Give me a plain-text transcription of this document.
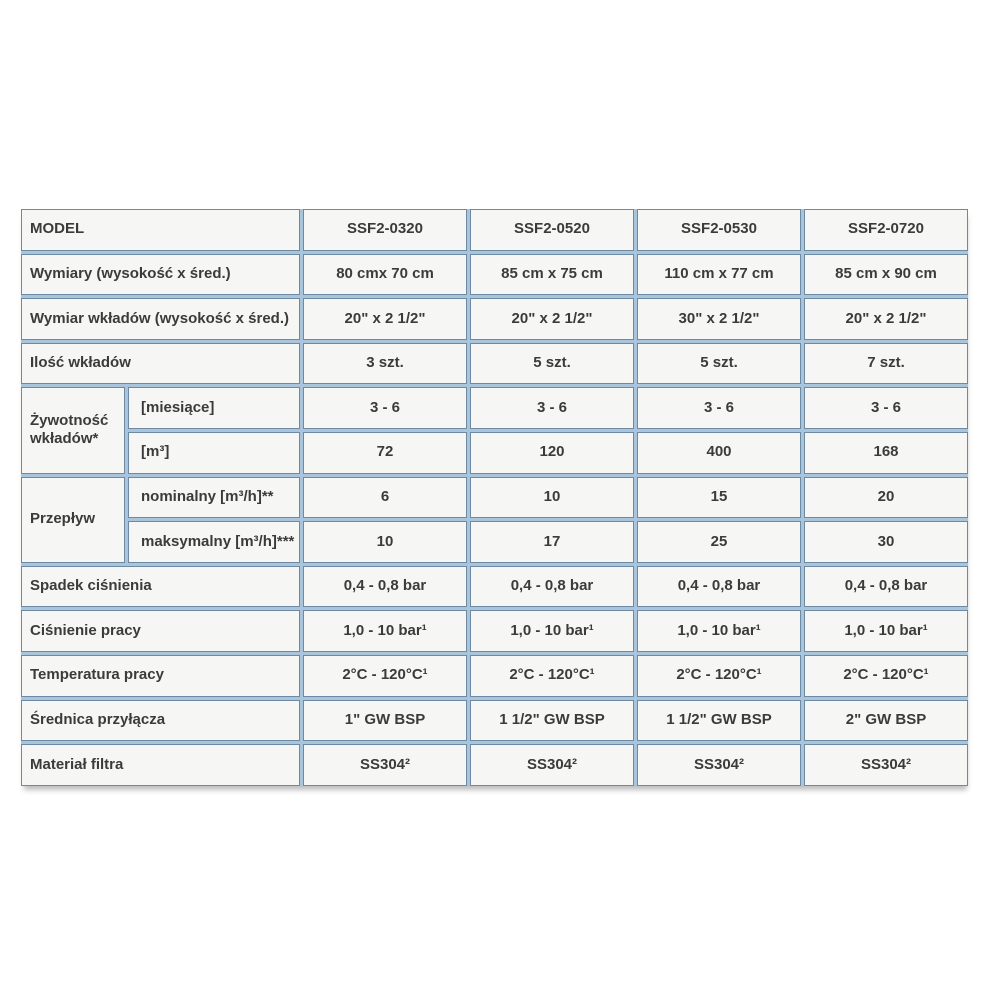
MODEL	SSF2-0320	SSF2-0520	SSF2-0530	SSF2-0720
Wymiary (wysokość x śred.)	80 cmx 70 cm	85 cm x 75 cm	110 cm x 77 cm	85 cm x 90 cm
Wymiar wkładów (wysokość x śred.)	20" x 2 1/2"	20" x 2 1/2"	30" x 2 1/2"	20" x 2 1/2"
Ilość wkładów	3 szt.	5 szt.	5 szt.	7 szt.
Żywotność wkładów*
[miesiące]	3 - 6	3 - 6	3 - 6	3 - 6
[m³]	72	120	400	168
Przepływ
nominalny [m³/h]**	6	10	15	20
maksymalny [m³/h]***	10	17	25	30
Spadek ciśnienia	0,4 - 0,8 bar	0,4 - 0,8 bar	0,4 - 0,8 bar	0,4 - 0,8 bar
Ciśnienie pracy	1,0 - 10 bar¹	1,0 - 10 bar¹	1,0 - 10 bar¹	1,0 - 10 bar¹
Temperatura pracy	2°C - 120°C¹	2°C - 120°C¹	2°C - 120°C¹	2°C - 120°C¹
Średnica przyłącza	1" GW BSP	1 1/2" GW BSP	1 1/2" GW BSP	2" GW BSP
Materiał filtra	SS304²	SS304²	SS304²	SS304²
